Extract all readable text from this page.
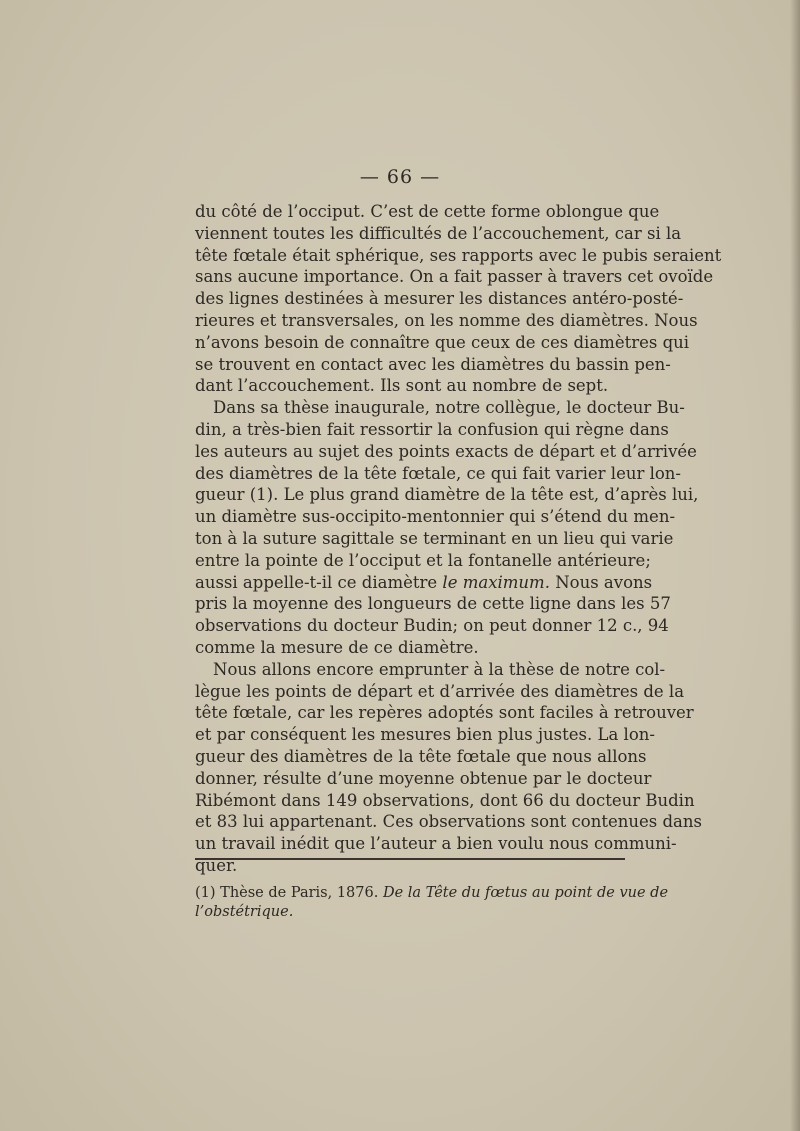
— 66 —

du côté de l’occiput. C’est de cette forme oblongue que
viennent toutes les difficultés de l’accouchement, car si la
tête fœtale était sphérique, ses rapports avec le pubis seraient
sans aucune importance. On a fait passer à travers cet ovoïde
des lignes destinées à mesurer les distances antéro-posté-
rieures et transversales, on les nomme des diamètres. Nous
n’avons besoin de connaître que ceux de ces diamètres qui
se trouvent en contact avec les diamètres du bassin pen-
dant l’accouchement. Ils sont au nombre de sept.

Dans sa thèse inaugurale, notre collègue, le docteur Bu-
din, a très-bien fait ressortir la confusion qui règne dans
les auteurs au sujet des points exacts de départ et d’arrivée
des diamètres de la tête fœtale, ce qui fait varier leur lon-
gueur (1). Le plus grand diamètre de la tête est, d’après lui,
un diamètre sus-occipito-mentonnier qui s’étend du men-
ton à la suture sagittale se terminant en un lieu qui varie
entre la pointe de l’occiput et la fontanelle antérieure;
aussi appelle-t-il ce diamètre le maximum. Nous avons
pris la moyenne des longueurs de cette ligne dans les 57
observations du docteur Budin; on peut donner 12 c., 94
comme la mesure de ce diamètre.

Nous allons encore emprunter à la thèse de notre col-
lègue les points de départ et d’arrivée des diamètres de la
tête fœtale, car les repères adoptés sont faciles à retrouver
et par conséquent les mesures bien plus justes. La lon-
gueur des diamètres de la tête fœtale que nous allons
donner, résulte d’une moyenne obtenue par le docteur
Ribémont dans 149 observations, dont 66 du docteur Budin
et 83 lui appartenant. Ces observations sont contenues dans
un travail inédit que l’auteur a bien voulu nous communi-
quer.

(1) Thèse de Paris, 1876. De la Tête du fœtus au point de vue de
l’obstétrique.
